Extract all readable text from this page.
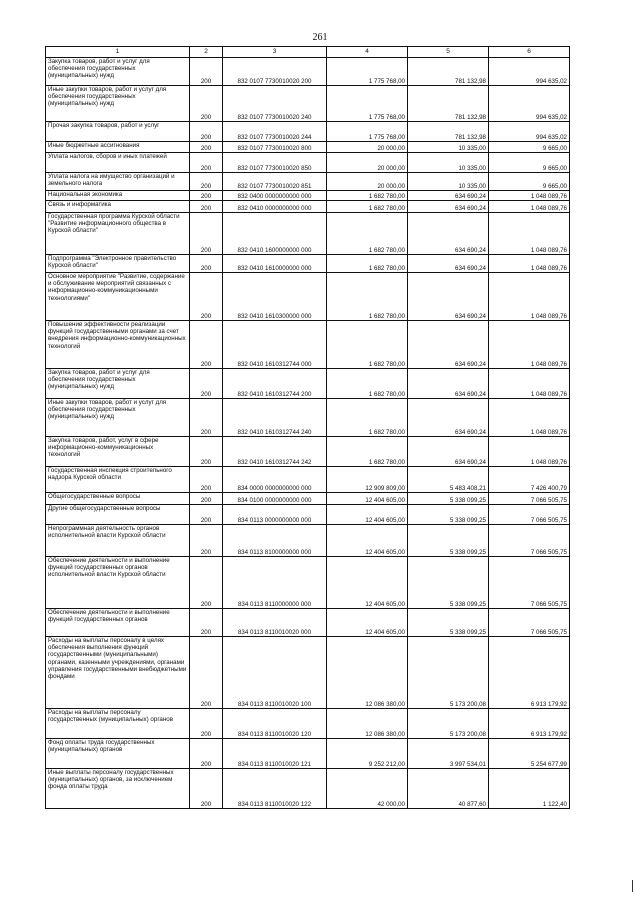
261
1	2	3	4	5	6
Закупка товаров, работ и услуг для обеспечения государственных (муниципальных) нужд	200	832 0107 7730010020 200	1 775 768,00	781 132,98	994 635,02
Иные закупки товаров, работ и услуг для обеспечения государственных (муниципальных) нужд	200	832 0107 7730010020 240	1 775 768,00	781 132,98	994 635,02
Прочая закупка товаров, работ и услуг	200	832 0107 7730010020 244	1 775 768,00	781 132,98	994 635,02
Иные бюджетные ассигнования	200	832 0107 7730010020 800	20 000,00	10 335,00	9 665,00
Уплата налогов, сборов и иных платежей	200	832 0107 7730010020 850	20 000,00	10 335,00	9 665,00
Уплата налога на имущество организаций и земельного налога	200	832 0107 7730010020 851	20 000,00	10 335,00	9 665,00
Национальная экономика	200	832 0400 0000000000 000	1 682 780,00	634 690,24	1 048 089,76
Связь и информатика	200	832 0410 0000000000 000	1 682 780,00	634 690,24	1 048 089,76
Государственная программа Курской области "Развитие информационного общества в Курской области"	200	832 0410 1600000000 000	1 682 780,00	634 690,24	1 048 089,76
Подпрограмма "Электронное правительство Курской области"	200	832 0410 1610000000 000	1 682 780,00	634 690,24	1 048 089,76
Основное мероприятие "Развитие, содержание и обслуживание мероприятий связанных с информационно-коммуникационными технологиями"	200	832 0410 1610300000 000	1 682 780,00	634 690,24	1 048 089,76
Повышение эффективности реализации функций государственными органами за счет внедрения информационно-коммуникационных технологий	200	832 0410 1610312744 000	1 682 780,00	634 690,24	1 048 089,76
Закупка товаров, работ и услуг для обеспечения государственных (муниципальных) нужд	200	832 0410 1610312744 200	1 682 780,00	634 690,24	1 048 089,76
Иные закупки товаров, работ и услуг для обеспечения государственных (муниципальных) нужд	200	832 0410 1610312744 240	1 682 780,00	634 690,24	1 048 089,76
Закупка товаров, работ, услуг в сфере информационно-коммуникационных технологий	200	832 0410 1610312744 242	1 682 780,00	634 690,24	1 048 089,76
Государственная инспекция строительного надзора Курской области	200	834 0000 0000000000 000	12 909 809,00	5 483 408,21	7 426 400,79
Общегосударственные вопросы	200	834 0100 0000000000 000	12 404 605,00	5 338 099,25	7 066 505,75
Другие общегосударственные вопросы	200	834 0113 0000000000 000	12 404 605,00	5 338 099,25	7 066 505,75
Непрограммная деятельность органов исполнительной власти Курской области	200	834 0113 8100000000 000	12 404 605,00	5 338 099,25	7 066 505,75
Обеспечение деятельности и выполнение функций государственных органов исполнительной власти Курской области	200	834 0113 8110000000 000	12 404 605,00	5 338 099,25	7 066 505,75
Обеспечение деятельности и выполнение функций государственных органов	200	834 0113 8110010020 000	12 404 605,00	5 338 099,25	7 066 505,75
Расходы на выплаты персоналу в целях обеспечения выполнения функций государственными (муниципальными) органами, казенными учреждениями, органами управления государственными внебюджетными фондами	200	834 0113 8110010020 100	12 086 380,00	5 173 200,08	6 913 179,92
Расходы на выплаты персоналу государственных (муниципальных) органов	200	834 0113 8110010020 120	12 086 380,00	5 173 200,08	6 913 179,92
Фонд оплаты труда государственных (муниципальных) органов	200	834 0113 8110010020 121	9 252 212,00	3 997 534,01	5 254 677,99
Иные выплаты персоналу государственных (муниципальных) органов, за исключением фонда оплаты труда	200	834 0113 8110010020 122	42 000,00	40 877,60	1 122,40
